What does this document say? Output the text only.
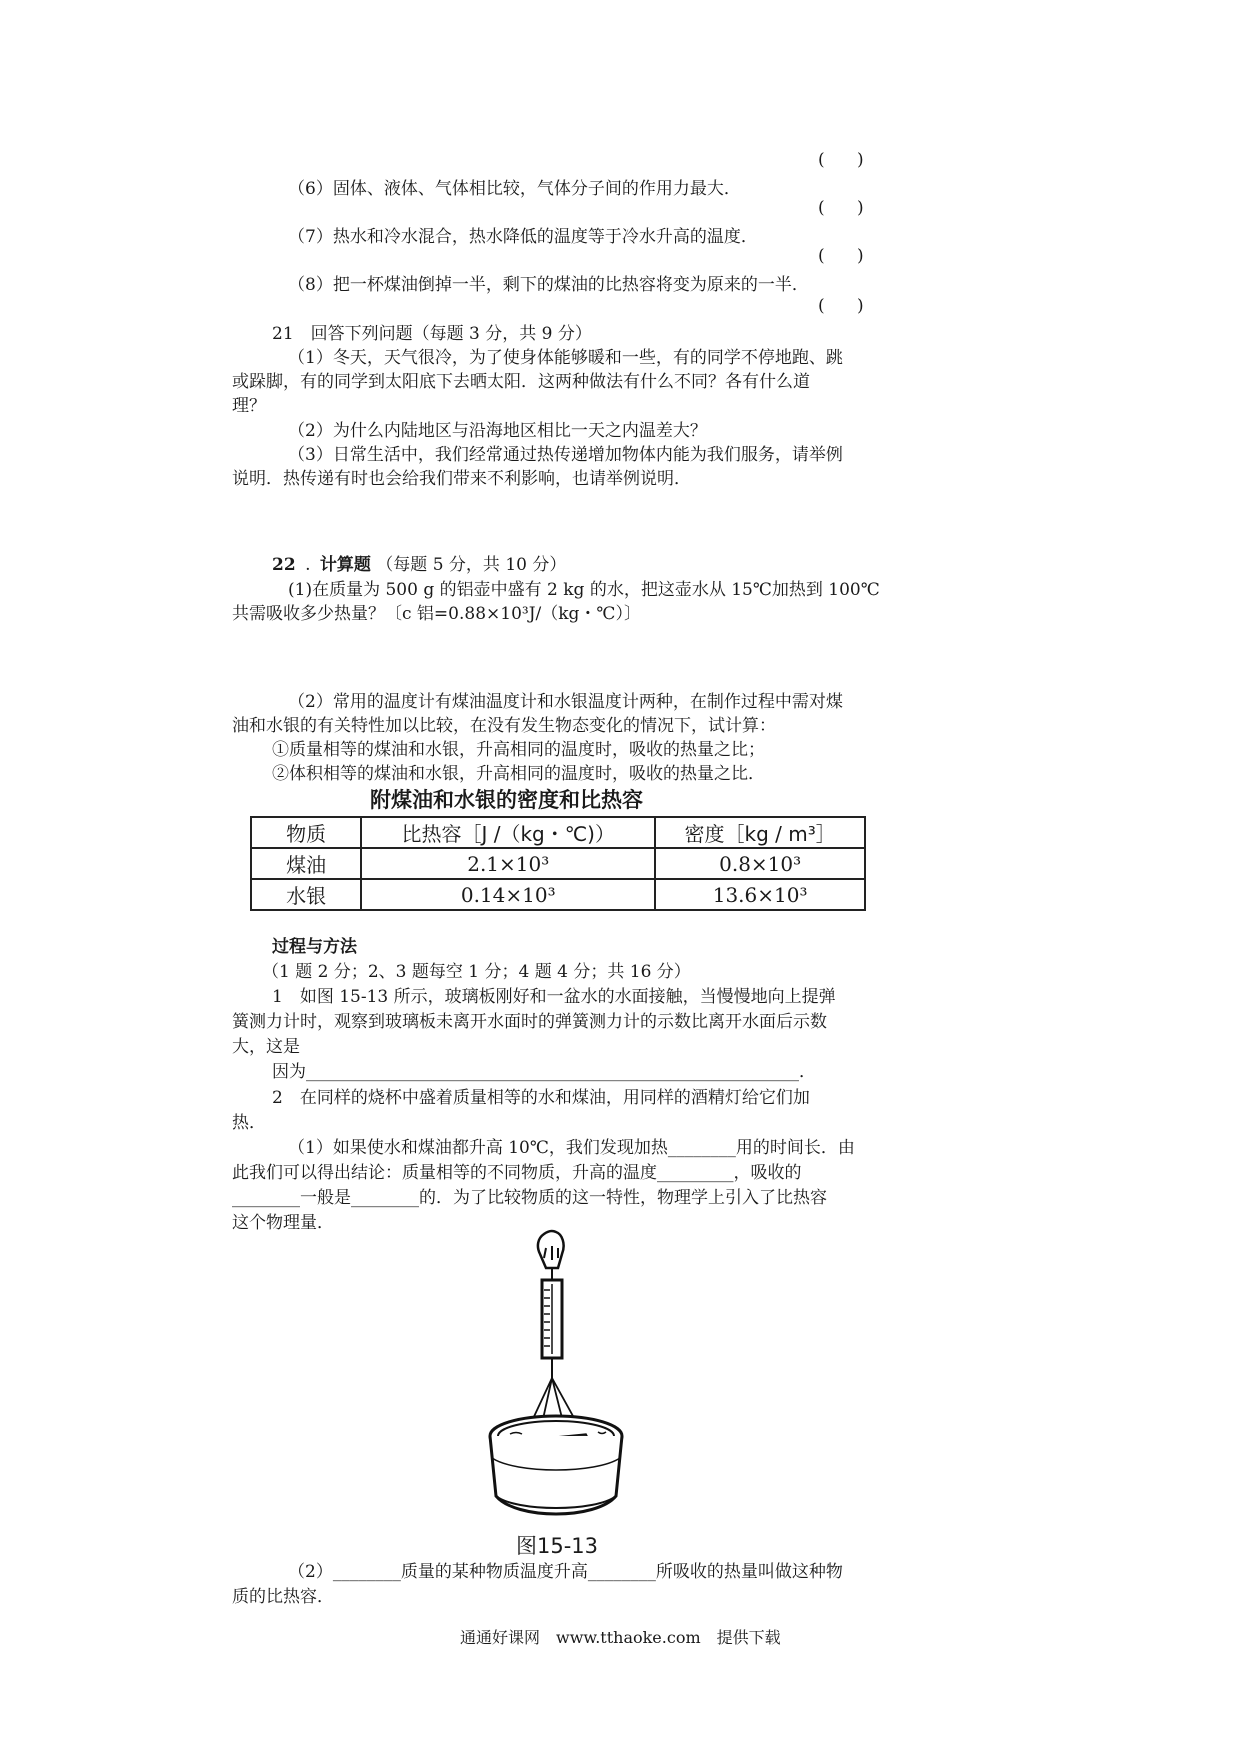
(      )
（6）固体、液体、气体相比较，气体分子间的作用力最大．
(      )
（7）热水和冷水混合，热水降低的温度等于冷水升高的温度．
(      )
（8）把一杯煤油倒掉一半，剩下的煤油的比热容将变为原来的一半．
(      )
21　回答下列问题（每题 3 分，共 9 分）
（1）冬天，天气很冷，为了使身体能够暖和一些，有的同学不停地跑、跳
或跺脚，有的同学到太阳底下去晒太阳．这两种做法有什么不同？各有什么道
理？
（2）为什么内陆地区与沿海地区相比一天之内温差大？
（3）日常生活中，我们经常通过热传递增加物体内能为我们服务，请举例
说明．热传递有时也会给我们带来不利影响，也请举例说明．
22 . 计算题 （每题 5 分，共 10 分）
(1)在质量为 500 g 的铝壶中盛有 2 kg 的水，把这壶水从 15℃加热到 100℃
共需吸收多少热量？〔c 铝=0.88×10³J/（kg・℃）〕
（2）常用的温度计有煤油温度计和水银温度计两种，在制作过程中需对煤
油和水银的有关特性加以比较，在没有发生物态变化的情况下，试计算：
①质量相等的煤油和水银，升高相同的温度时，吸收的热量之比；
②体积相等的煤油和水银，升高相同的温度时，吸收的热量之比．
附煤油和水银的密度和比热容
物质	比热容［J /（kg・℃)）	密度［kg / m³］
煤油	2.1×10³	0.8×10³
水银	0.14×10³	13.6×10³
过程与方法
（1 题 2 分；2、3 题每空 1 分；4 题 4 分；共 16 分）
1　如图 15-13 所示，玻璃板刚好和一盆水的水面接触，当慢慢地向上提弹
簧测力计时，观察到玻璃板未离开水面时的弹簧测力计的示数比离开水面后示数
大，这是
因为__________________________________________________________．
2　在同样的烧杯中盛着质量相等的水和煤油，用同样的酒精灯给它们加
热．
（1）如果使水和煤油都升高 10℃，我们发现加热________用的时间长．由
此我们可以得出结论：质量相等的不同物质，升高的温度_________，吸收的
________一般是________的．为了比较物质的这一特性，物理学上引入了比热容
这个物理量．
图15-13
（2）________质量的某种物质温度升高________所吸收的热量叫做这种物
质的比热容．
通通好课网　www.tthaoke.com　提供下载
